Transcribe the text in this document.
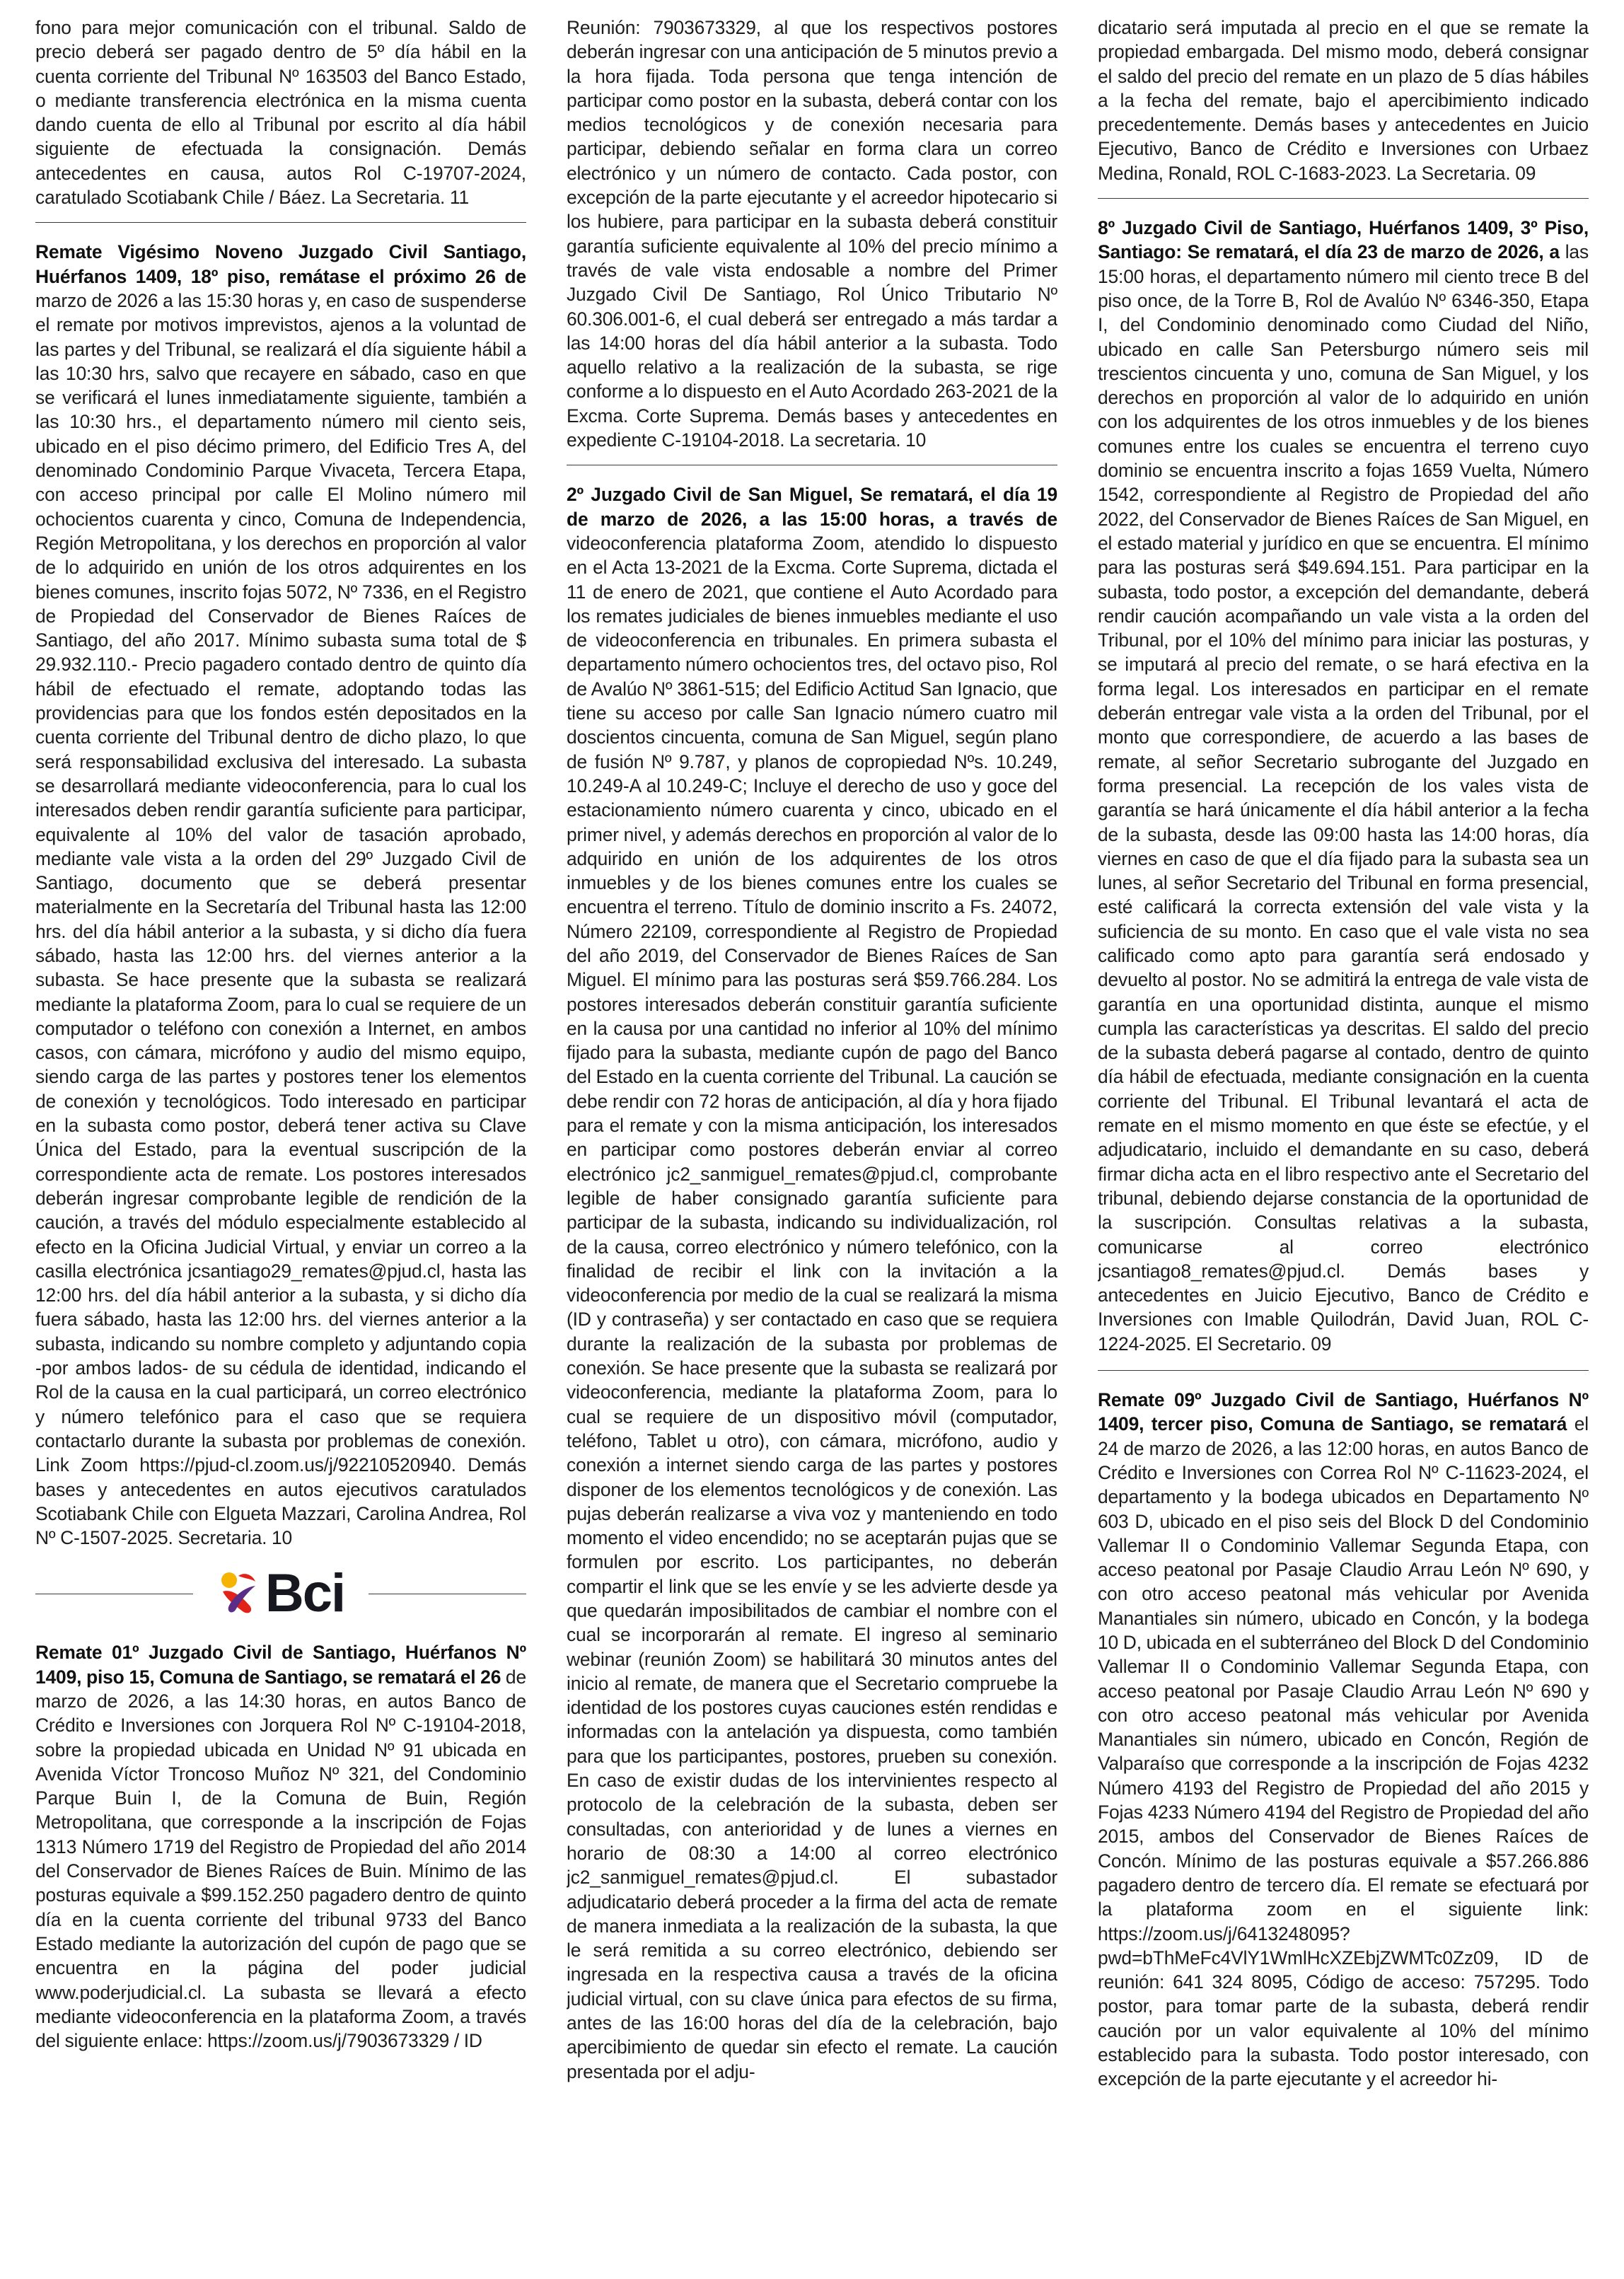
fono para mejor comunicación con el tribunal. Saldo de precio deberá ser pagado dentro de 5º día hábil en la cuenta corriente del Tribunal Nº 163503 del Banco Estado, o mediante transferencia electrónica en la misma cuenta dando cuenta de ello al Tribunal por escrito al día hábil siguiente de efectuada la consignación. Demás antecedentes en causa, autos Rol C-19707-2024, caratulado Scotiabank Chile / Báez. La Secretaria. 11

Remate Vigésimo Noveno Juzgado Civil Santiago, Huérfanos 1409, 18º piso, remátase el próximo 26 de marzo de 2026 a las 15:30 horas y, en caso de suspenderse el remate por motivos imprevistos, ajenos a la voluntad de las partes y del Tribunal, se realizará el día siguiente hábil a las 10:30 hrs, salvo que recayere en sábado, caso en que se verificará el lunes inmediatamente siguiente, también a las 10:30 hrs., el departamento número mil ciento seis, ubicado en el piso décimo primero, del Edificio Tres A, del denominado Condominio Parque Vivaceta, Tercera Etapa, con acceso principal por calle El Molino número mil ochocientos cuarenta y cinco, Comuna de Independencia, Región Metropolitana, y los derechos en proporción al valor de lo adquirido en unión de los otros adquirentes en los bienes comunes, inscrito fojas 5072, Nº 7336, en el Registro de Propiedad del Conservador de Bienes Raíces de Santiago, del año 2017. Mínimo subasta suma total de $ 29.932.110.- Precio pagadero contado dentro de quinto día hábil de efectuado el remate, adoptando todas las providencias para que los fondos estén depositados en la cuenta corriente del Tribunal dentro de dicho plazo, lo que será responsabilidad exclusiva del interesado. La subasta se desarrollará mediante videoconferencia, para lo cual los interesados deben rendir garantía suficiente para participar, equivalente al 10% del valor de tasación aprobado, mediante vale vista a la orden del 29º Juzgado Civil de Santiago, documento que se deberá presentar materialmente en la Secretaría del Tribunal hasta las 12:00 hrs. del día hábil anterior a la subasta, y si dicho día fuera sábado, hasta las 12:00 hrs. del viernes anterior a la subasta. Se hace presente que la subasta se realizará mediante la plataforma Zoom, para lo cual se requiere de un computador o teléfono con conexión a Internet, en ambos casos, con cámara, micrófono y audio del mismo equipo, siendo carga de las partes y postores tener los elementos de conexión y tecnológicos. Todo interesado en participar en la subasta como postor, deberá tener activa su Clave Única del Estado, para la eventual suscripción de la correspondiente acta de remate. Los postores interesados deberán ingresar comprobante legible de rendición de la caución, a través del módulo especialmente establecido al efecto en la Oficina Judicial Virtual, y enviar un correo a la casilla electrónica jcsantiago29_remates@pjud.cl, hasta las 12:00 hrs. del día hábil anterior a la subasta, y si dicho día fuera sábado, hasta las 12:00 hrs. del viernes anterior a la subasta, indicando su nombre completo y adjuntando copia -por ambos lados- de su cédula de identidad, indicando el Rol de la causa en la cual participará, un correo electrónico y número telefónico para el caso que se requiera contactarlo durante la subasta por problemas de conexión. Link Zoom https://pjud-cl.zoom.us/j/92210520940. Demás bases y antecedentes en autos ejecutivos caratulados Scotiabank Chile con Elgueta Mazzari, Carolina Andrea, Rol Nº C-1507-2025. Secretaria. 10

Bci

Remate 01º Juzgado Civil de Santiago, Huérfanos Nº 1409, piso 15, Comuna de Santiago, se rematará el 26 de marzo de 2026, a las 14:30 horas, en autos Banco de Crédito e Inversiones con Jorquera Rol Nº C-19104-2018, sobre la propiedad ubicada en Unidad Nº 91 ubicada en Avenida Víctor Troncoso Muñoz Nº 321, del Condominio Parque Buin I, de la Comuna de Buin, Región Metropolitana, que corresponde a la inscripción de Fojas 1313 Número 1719 del Registro de Propiedad del año 2014 del Conservador de Bienes Raíces de Buin. Mínimo de las posturas equivale a $99.152.250 pagadero dentro de quinto día en la cuenta corriente del tribunal 9733 del Banco Estado mediante la autorización del cupón de pago que se encuentra en la página del poder judicial www.poderjudicial.cl. La subasta se llevará a efecto mediante videoconferencia en la plataforma Zoom, a través del siguiente enlace: https://zoom.us/j/7903673329 / ID

Reunión: 7903673329, al que los respectivos postores deberán ingresar con una anticipación de 5 minutos previo a la hora fijada. Toda persona que tenga intención de participar como postor en la subasta, deberá contar con los medios tecnológicos y de conexión necesaria para participar, debiendo señalar en forma clara un correo electrónico y un número de contacto. Cada postor, con excepción de la parte ejecutante y el acreedor hipotecario si los hubiere, para participar en la subasta deberá constituir garantía suficiente equivalente al 10% del precio mínimo a través de vale vista endosable a nombre del Primer Juzgado Civil De Santiago, Rol Único Tributario Nº 60.306.001-6, el cual deberá ser entregado a más tardar a las 14:00 horas del día hábil anterior a la subasta. Todo aquello relativo a la realización de la subasta, se rige conforme a lo dispuesto en el Auto Acordado 263-2021 de la Excma. Corte Suprema. Demás bases y antecedentes en expediente C-19104-2018. La secretaria. 10

2º Juzgado Civil de San Miguel, Se rematará, el día 19 de marzo de 2026, a las 15:00 horas, a través de videoconferencia plataforma Zoom, atendido lo dispuesto en el Acta 13-2021 de la Excma. Corte Suprema, dictada el 11 de enero de 2021, que contiene el Auto Acordado para los remates judiciales de bienes inmuebles mediante el uso de videoconferencia en tribunales. En primera subasta el departamento número ochocientos tres, del octavo piso, Rol de Avalúo Nº 3861-515; del Edificio Actitud San Ignacio, que tiene su acceso por calle San Ignacio número cuatro mil doscientos cincuenta, comuna de San Miguel, según plano de fusión Nº 9.787, y planos de copropiedad Nºs. 10.249, 10.249-A al 10.249-C; Incluye el derecho de uso y goce del estacionamiento número cuarenta y cinco, ubicado en el primer nivel, y además derechos en proporción al valor de lo adquirido en unión de los adquirentes de los otros inmuebles y de los bienes comunes entre los cuales se encuentra el terreno. Título de dominio inscrito a Fs. 24072, Número 22109, correspondiente al Registro de Propiedad del año 2019, del Conservador de Bienes Raíces de San Miguel. El mínimo para las posturas será $59.766.284. Los postores interesados deberán constituir garantía suficiente en la causa por una cantidad no inferior al 10% del mínimo fijado para la subasta, mediante cupón de pago del Banco del Estado en la cuenta corriente del Tribunal. La caución se debe rendir con 72 horas de anticipación, al día y hora fijado para el remate y con la misma anticipación, los interesados en participar como postores deberán enviar al correo electrónico jc2_sanmiguel_remates@pjud.cl, comprobante legible de haber consignado garantía suficiente para participar de la subasta, indicando su individualización, rol de la causa, correo electrónico y número telefónico, con la finalidad de recibir el link con la invitación a la videoconferencia por medio de la cual se realizará la misma (ID y contraseña) y ser contactado en caso que se requiera durante la realización de la subasta por problemas de conexión. Se hace presente que la subasta se realizará por videoconferencia, mediante la plataforma Zoom, para lo cual se requiere de un dispositivo móvil (computador, teléfono, Tablet u otro), con cámara, micrófono, audio y conexión a internet siendo carga de las partes y postores disponer de los elementos tecnológicos y de conexión. Las pujas deberán realizarse a viva voz y manteniendo en todo momento el video encendido; no se aceptarán pujas que se formulen por escrito. Los participantes, no deberán compartir el link que se les envíe y se les advierte desde ya que quedarán imposibilitados de cambiar el nombre con el cual se incorporarán al remate. El ingreso al seminario webinar (reunión Zoom) se habilitará 30 minutos antes del inicio al remate, de manera que el Secretario compruebe la identidad de los postores cuyas cauciones estén rendidas e informadas con la antelación ya dispuesta, como también para que los participantes, postores, prueben su conexión. En caso de existir dudas de los intervinientes respecto al protocolo de la celebración de la subasta, deben ser consultadas, con anterioridad y de lunes a viernes en horario de 08:30 a 14:00 al correo electrónico jc2_sanmiguel_remates@pjud.cl. El subastador adjudicatario deberá proceder a la firma del acta de remate de manera inmediata a la realización de la subasta, la que le será remitida a su correo electrónico, debiendo ser ingresada en la respectiva causa a través de la oficina judicial virtual, con su clave única para efectos de su firma, antes de las 16:00 horas del día de la celebración, bajo apercibimiento de quedar sin efecto el remate. La caución presentada por el adju-

dicatario será imputada al precio en el que se remate la propiedad embargada. Del mismo modo, deberá consignar el saldo del precio del remate en un plazo de 5 días hábiles a la fecha del remate, bajo el apercibimiento indicado precedentemente. Demás bases y antecedentes en Juicio Ejecutivo, Banco de Crédito e Inversiones con Urbaez Medina, Ronald, ROL C-1683-2023. La Secretaria. 09

8º Juzgado Civil de Santiago, Huérfanos 1409, 3º Piso, Santiago: Se rematará, el día 23 de marzo de 2026, a las 15:00 horas, el departamento número mil ciento trece B del piso once, de la Torre B, Rol de Avalúo Nº 6346-350, Etapa I, del Condominio denominado como Ciudad del Niño, ubicado en calle San Petersburgo número seis mil trescientos cincuenta y uno, comuna de San Miguel, y los derechos en proporción al valor de lo adquirido en unión con los adquirentes de los otros inmuebles y de los bienes comunes entre los cuales se encuentra el terreno cuyo dominio se encuentra inscrito a fojas 1659 Vuelta, Número 1542, correspondiente al Registro de Propiedad del año 2022, del Conservador de Bienes Raíces de San Miguel, en el estado material y jurídico en que se encuentra. El mínimo para las posturas será $49.694.151. Para participar en la subasta, todo postor, a excepción del demandante, deberá rendir caución acompañando un vale vista a la orden del Tribunal, por el 10% del mínimo para iniciar las posturas, y se imputará al precio del remate, o se hará efectiva en la forma legal. Los interesados en participar en el remate deberán entregar vale vista a la orden del Tribunal, por el monto que correspondiere, de acuerdo a las bases de remate, al señor Secretario subrogante del Juzgado en forma presencial. La recepción de los vales vista de garantía se hará únicamente el día hábil anterior a la fecha de la subasta, desde las 09:00 hasta las 14:00 horas, día viernes en caso de que el día fijado para la subasta sea un lunes, al señor Secretario del Tribunal en forma presencial, esté calificará la correcta extensión del vale vista y la suficiencia de su monto. En caso que el vale vista no sea calificado como apto para garantía será endosado y devuelto al postor. No se admitirá la entrega de vale vista de garantía en una oportunidad distinta, aunque el mismo cumpla las características ya descritas. El saldo del precio de la subasta deberá pagarse al contado, dentro de quinto día hábil de efectuada, mediante consignación en la cuenta corriente del Tribunal. El Tribunal levantará el acta de remate en el mismo momento en que éste se efectúe, y el adjudicatario, incluido el demandante en su caso, deberá firmar dicha acta en el libro respectivo ante el Secretario del tribunal, debiendo dejarse constancia de la oportunidad de la suscripción. Consultas relativas a la subasta, comunicarse al correo electrónico jcsantiago8_remates@pjud.cl. Demás bases y antecedentes en Juicio Ejecutivo, Banco de Crédito e Inversiones con Imable Quilodrán, David Juan, ROL C-1224-2025. El Secretario. 09

Remate 09º Juzgado Civil de Santiago, Huérfanos Nº 1409, tercer piso, Comuna de Santiago, se rematará el 24 de marzo de 2026, a las 12:00 horas, en autos Banco de Crédito e Inversiones con Correa Rol Nº C-11623-2024, el departamento y la bodega ubicados en Departamento Nº 603 D, ubicado en el piso seis del Block D del Condominio Vallemar II o Condominio Vallemar Segunda Etapa, con acceso peatonal por Pasaje Claudio Arrau León Nº 690, y con otro acceso peatonal más vehicular por Avenida Manantiales sin número, ubicado en Concón, y la bodega 10 D, ubicada en el subterráneo del Block D del Condominio Vallemar II o Condominio Vallemar Segunda Etapa, con acceso peatonal por Pasaje Claudio Arrau León Nº 690 y con otro acceso peatonal más vehicular por Avenida Manantiales sin número, ubicado en Concón, Región de Valparaíso que corresponde a la inscripción de Fojas 4232 Número 4193 del Registro de Propiedad del año 2015 y Fojas 4233 Número 4194 del Registro de Propiedad del año 2015, ambos del Conservador de Bienes Raíces de Concón. Mínimo de las posturas equivale a $57.266.886 pagadero dentro de tercero día. El remate se efectuará por la plataforma zoom en el siguiente link: https://zoom.us/j/6413248095?pwd=bThMeFc4VlY1WmlHcXZEbjZWMTc0Zz09, ID de reunión: 641 324 8095, Código de acceso: 757295. Todo postor, para tomar parte de la subasta, deberá rendir caución por un valor equivalente al 10% del mínimo establecido para la subasta. Todo postor interesado, con excepción de la parte ejecutante y el acreedor hi-
